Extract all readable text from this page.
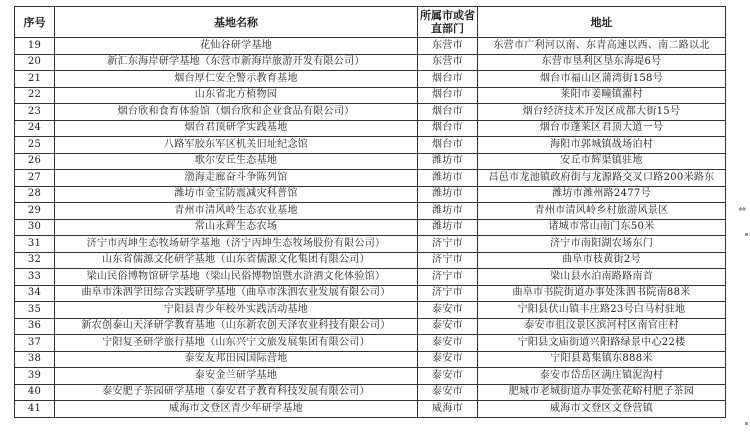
序号	基地名称	所属市或省直部门	地址
19	花仙谷研学基地	东营市	东营市广利河以南、东青高速以西、南二路以北
20	新汇东海岸研学基地（东营市新海岸旅游开发有限公司）	东营市	东营市垦利区垦东海堤6号
21	烟台厚仁安全警示教育基地	烟台市	烟台市福山区蒲湾街158号
22	山东省北方植物园	烟台市	莱阳市姜疃镇濯村
23	烟台欣和食育体验馆（烟台欣和企业食品有限公司）	烟台市	烟台经济技术开发区成都大街15号
24	烟台君顶研学实践基地	烟台市	烟台市蓬莱区君顶大道一号
25	八路军胶东军区机关旧址纪念馆	烟台市	海阳市郭城镇战场泊村
26	歌尔安丘生态基地	潍坊市	安丘市辉渠镇驻地
27	渤海走廊奋斗争陈列馆	潍坊市	昌邑市龙池镇政府街与龙源路交叉口路200米路东
28	潍坊市金宝防震减灾科普馆	潍坊市	潍坊市潍州路2477号
29	青州市清风岭生态农业基地	潍坊市	青州市清风岭乡村旅游风景区
30	常山永辉生态农场	潍坊市	诸城市常山南门东50米
31	济宁市丙坤生态牧场研学基地（济宁丙坤生态牧场股份有限公司）	济宁市	济宁市南阳湖农场东门
32	山东省儒源文化研学基地（山东省儒源文化集团有限公司）	济宁市	曲阜市枝黄街2号
33	梁山民俗博物馆研学基地（梁山民俗博物馆暨水浒酒文化体验馆）	济宁市	梁山县水泊南路路南首
34	曲阜市洙泗学田综合实践研学基地（曲阜市洙泗农业发展有限公司）	济宁市	曲阜市书院街道办事处洙泗书院南88米
35	宁阳县青少年校外实践活动基地	泰安市	宁阳县伏山镇丰庄路23号白马村驻地
36	新农创泰山天泽研学教育基地（山东新农创天泽农业科技有限公司）	泰安市	泰安市徂汶景区滨河村区南官庄村
37	宁阳复圣研学旅行基地（山东兴宁文旅发展集团有限公司）	泰安市	宁阳县文庙街道兴阳路绿景中心22楼
38	泰安友邦田园国际营地	泰安市	宁阳县葛集镇东888米
39	泰安金兰研学基地	泰安市	泰安市岱岳区满庄镇泥沟村
40	泰安肥子茶园研学基地（泰安君子教育科技发展有限公司）	泰安市	肥城市老城街道办事处张花峪村肥子茶园
41	威海市文登区青少年研学基地	威海市	威海市文登区文登营镇
⇔
